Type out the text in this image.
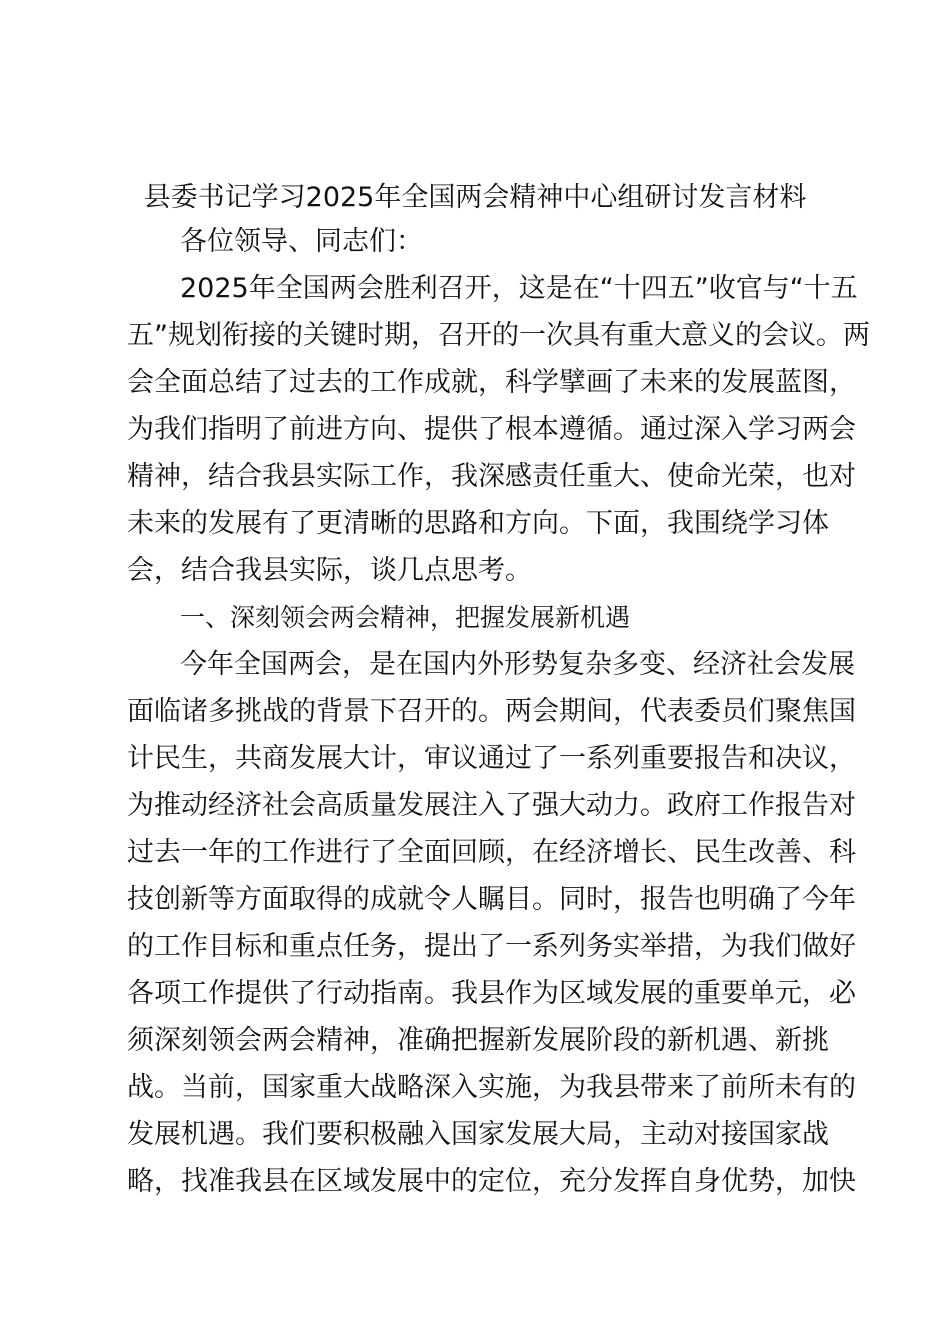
县委书记学习2025年全国两会精神中心组研讨发言材料
各位领导、同志们：
2025年全国两会胜利召开，这是在“十四五”收官与“十五
五”规划衔接的关键时期，召开的一次具有重大意义的会议。两
会全面总结了过去的工作成就，科学擘画了未来的发展蓝图，
为我们指明了前进方向、提供了根本遵循。通过深入学习两会
精神，结合我县实际工作，我深感责任重大、使命光荣，也对
未来的发展有了更清晰的思路和方向。下面，我围绕学习体
会，结合我县实际，谈几点思考。
一、深刻领会两会精神，把握发展新机遇
今年全国两会，是在国内外形势复杂多变、经济社会发展
面临诸多挑战的背景下召开的。两会期间，代表委员们聚焦国
计民生，共商发展大计，审议通过了一系列重要报告和决议，
为推动经济社会高质量发展注入了强大动力。政府工作报告对
过去一年的工作进行了全面回顾，在经济增长、民生改善、科
技创新等方面取得的成就令人瞩目。同时，报告也明确了今年
的工作目标和重点任务，提出了一系列务实举措，为我们做好
各项工作提供了行动指南。我县作为区域发展的重要单元，必
须深刻领会两会精神，准确把握新发展阶段的新机遇、新挑
战。当前，国家重大战略深入实施，为我县带来了前所未有的
发展机遇。我们要积极融入国家发展大局，主动对接国家战
略，找准我县在区域发展中的定位，充分发挥自身优势，加快
